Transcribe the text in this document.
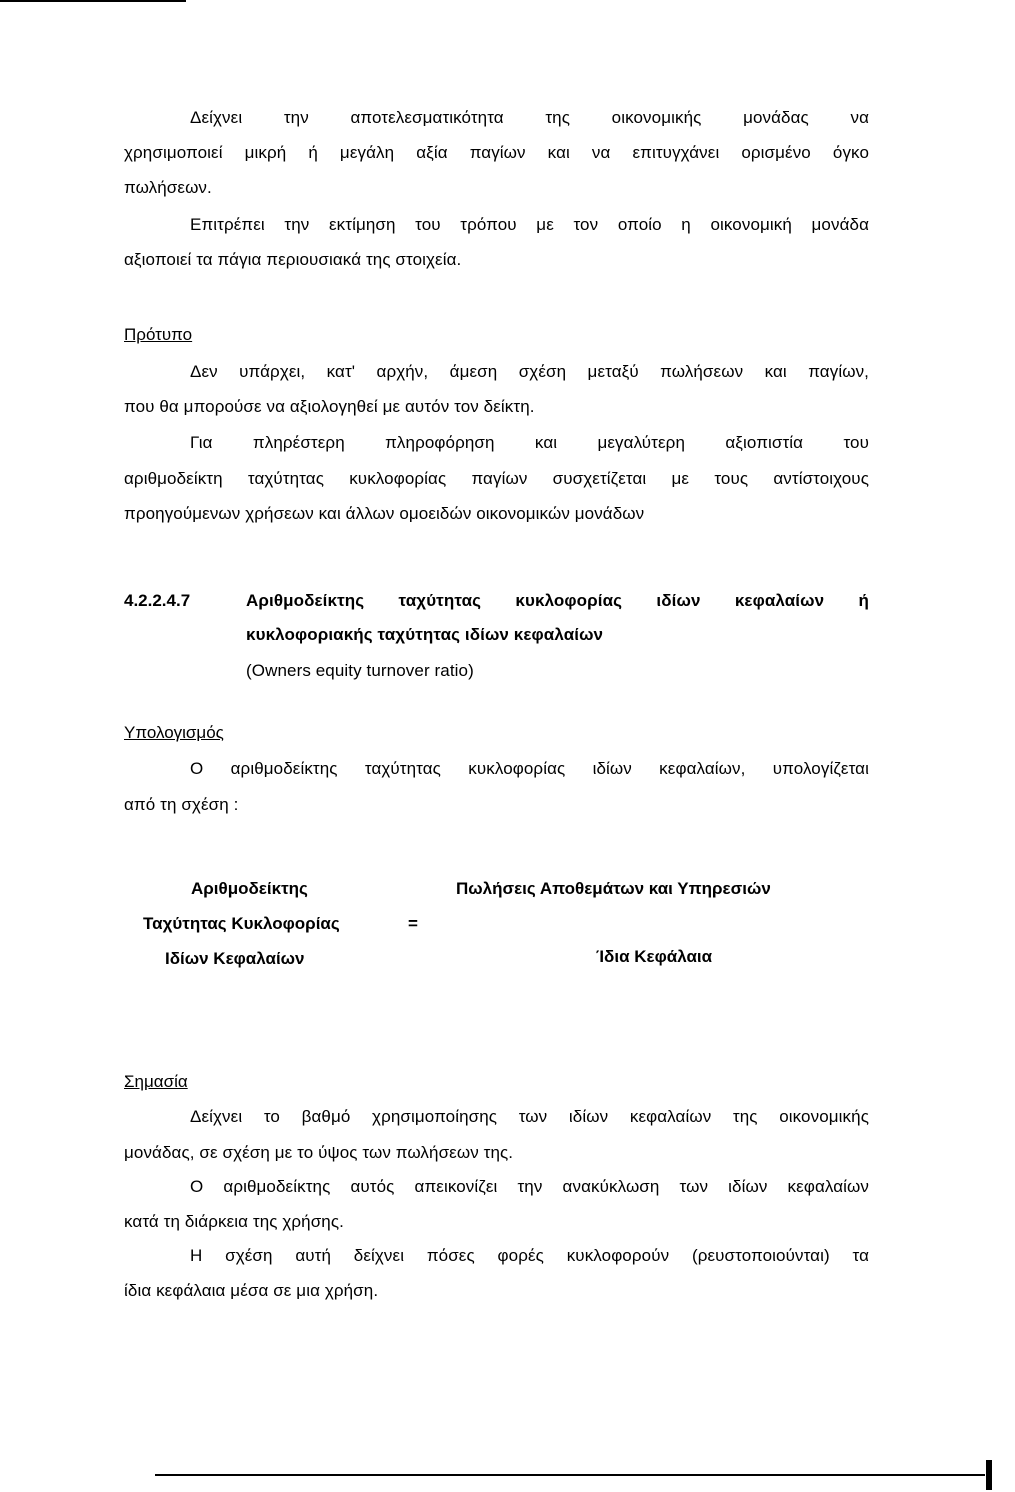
Δείχνει την αποτελεσματικότητα της οικονομικής μονάδας να
χρησιμοποιεί μικρή ή μεγάλη αξία παγίων και να επιτυγχάνει ορισμένο όγκο
πωλήσεων.
Επιτρέπει την εκτίμηση του τρόπου με τον οποίο η οικονομική μονάδα
αξιοποιεί τα πάγια περιουσιακά της στοιχεία.
Πρότυπο
Δεν υπάρχει, κατ' αρχήν, άμεση σχέση μεταξύ πωλήσεων και παγίων,
που θα μπορούσε να αξιολογηθεί με αυτόν τον δείκτη.
Για πληρέστερη πληροφόρηση και μεγαλύτερη αξιοπιστία του
αριθμοδείκτη ταχύτητας κυκλοφορίας παγίων συσχετίζεται με τους αντίστοιχους
προηγούμενων χρήσεων και άλλων ομοειδών οικονομικών μονάδων
4.2.2.4.7	Αριθμοδείκτης ταχύτητας κυκλοφορίας ιδίων κεφαλαίων ή
κυκλοφοριακής ταχύτητας ιδίων κεφαλαίων
(Owners equity turnover ratio)
Υπολογισμός
Ο αριθμοδείκτης ταχύτητας κυκλοφορίας ιδίων κεφαλαίων, υπολογίζεται
από τη σχέση :
Αριθμοδείκτης
Ταχύτητας Κυκλοφορίας	=
Ιδίων Κεφαλαίων
Πωλήσεις Αποθεμάτων και Υπηρεσιών
Ίδια Κεφάλαια
Σημασία
Δείχνει το βαθμό χρησιμοποίησης των ιδίων κεφαλαίων της οικονομικής
μονάδας, σε σχέση με το ύψος των πωλήσεων της.
Ο αριθμοδείκτης αυτός απεικονίζει την ανακύκλωση των ιδίων κεφαλαίων
κατά τη διάρκεια της χρήσης.
Η σχέση αυτή δείχνει πόσες φορές κυκλοφορούν (ρευστοποιούνται) τα
ίδια κεφάλαια μέσα σε μια χρήση.
